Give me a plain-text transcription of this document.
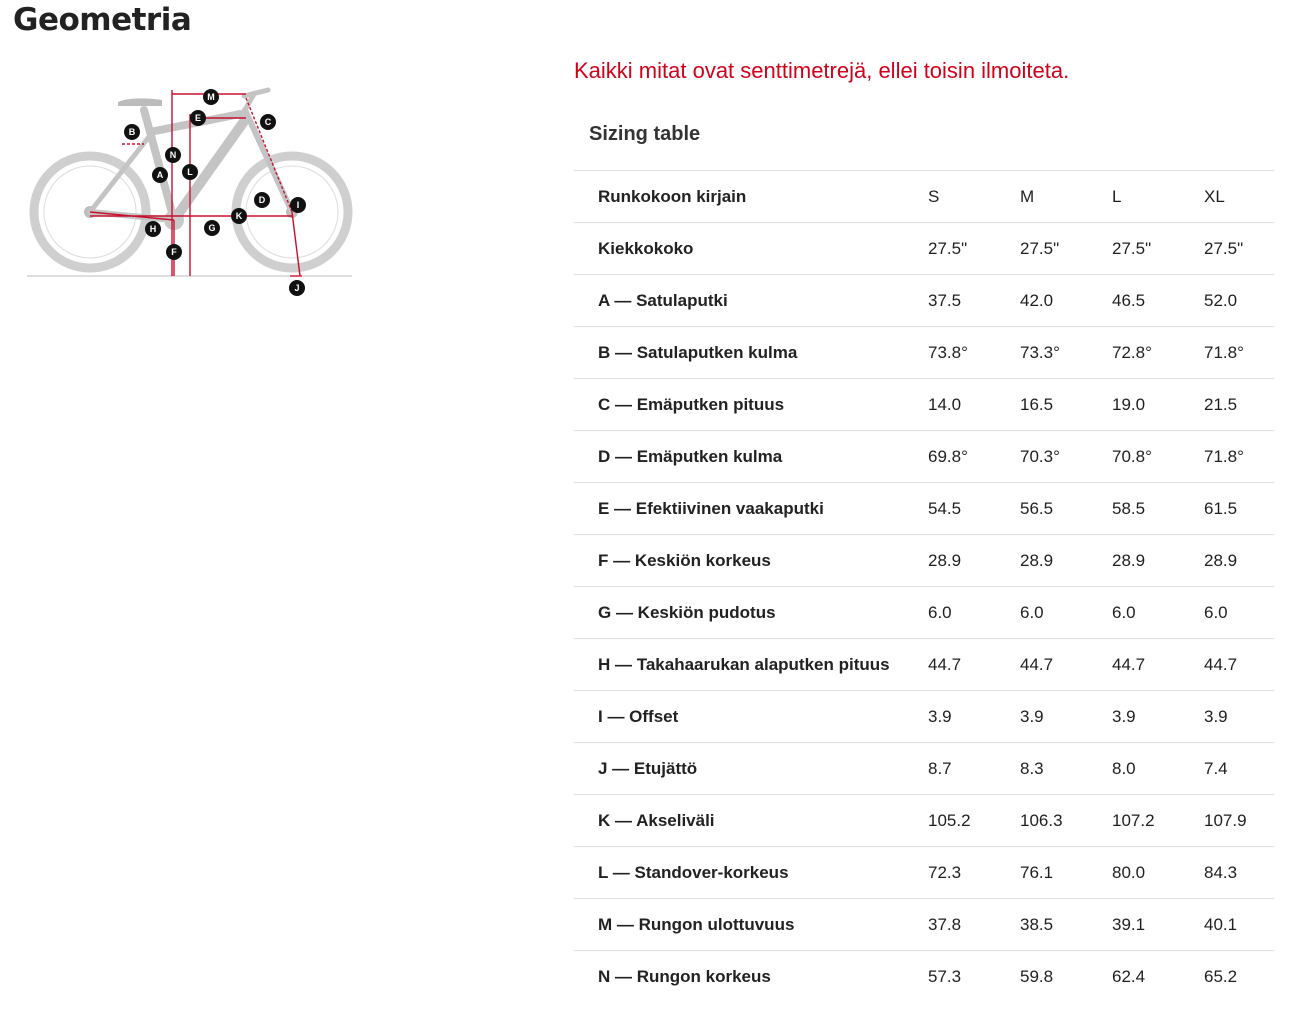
Geometria
M
E	C
B
N
L
A
D	I
K
H	G
F
J

Kaikki mitat ovat senttimetrejä, ellei toisin ilmoiteta.

Sizing table
Runkokoon kirjain	S	M	L	XL
Kiekkokoko	27.5"	27.5"	27.5"	27.5"
A — Satulaputki	37.5	42.0	46.5	52.0
B — Satulaputken kulma	73.8°	73.3°	72.8°	71.8°
C — Emäputken pituus	14.0	16.5	19.0	21.5
D — Emäputken kulma	69.8°	70.3°	70.8°	71.8°
E — Efektiivinen vaakaputki	54.5	56.5	58.5	61.5
F — Keskiön korkeus	28.9	28.9	28.9	28.9
G — Keskiön pudotus	6.0	6.0	6.0	6.0
H — Takahaarukan alaputken pituus	44.7	44.7	44.7	44.7
I — Offset	3.9	3.9	3.9	3.9
J — Etujättö	8.7	8.3	8.0	7.4
K — Akseliväli	105.2	106.3	107.2	107.9
L — Standover-korkeus	72.3	76.1	80.0	84.3
M — Rungon ulottuvuus	37.8	38.5	39.1	40.1
N — Rungon korkeus	57.3	59.8	62.4	65.2
